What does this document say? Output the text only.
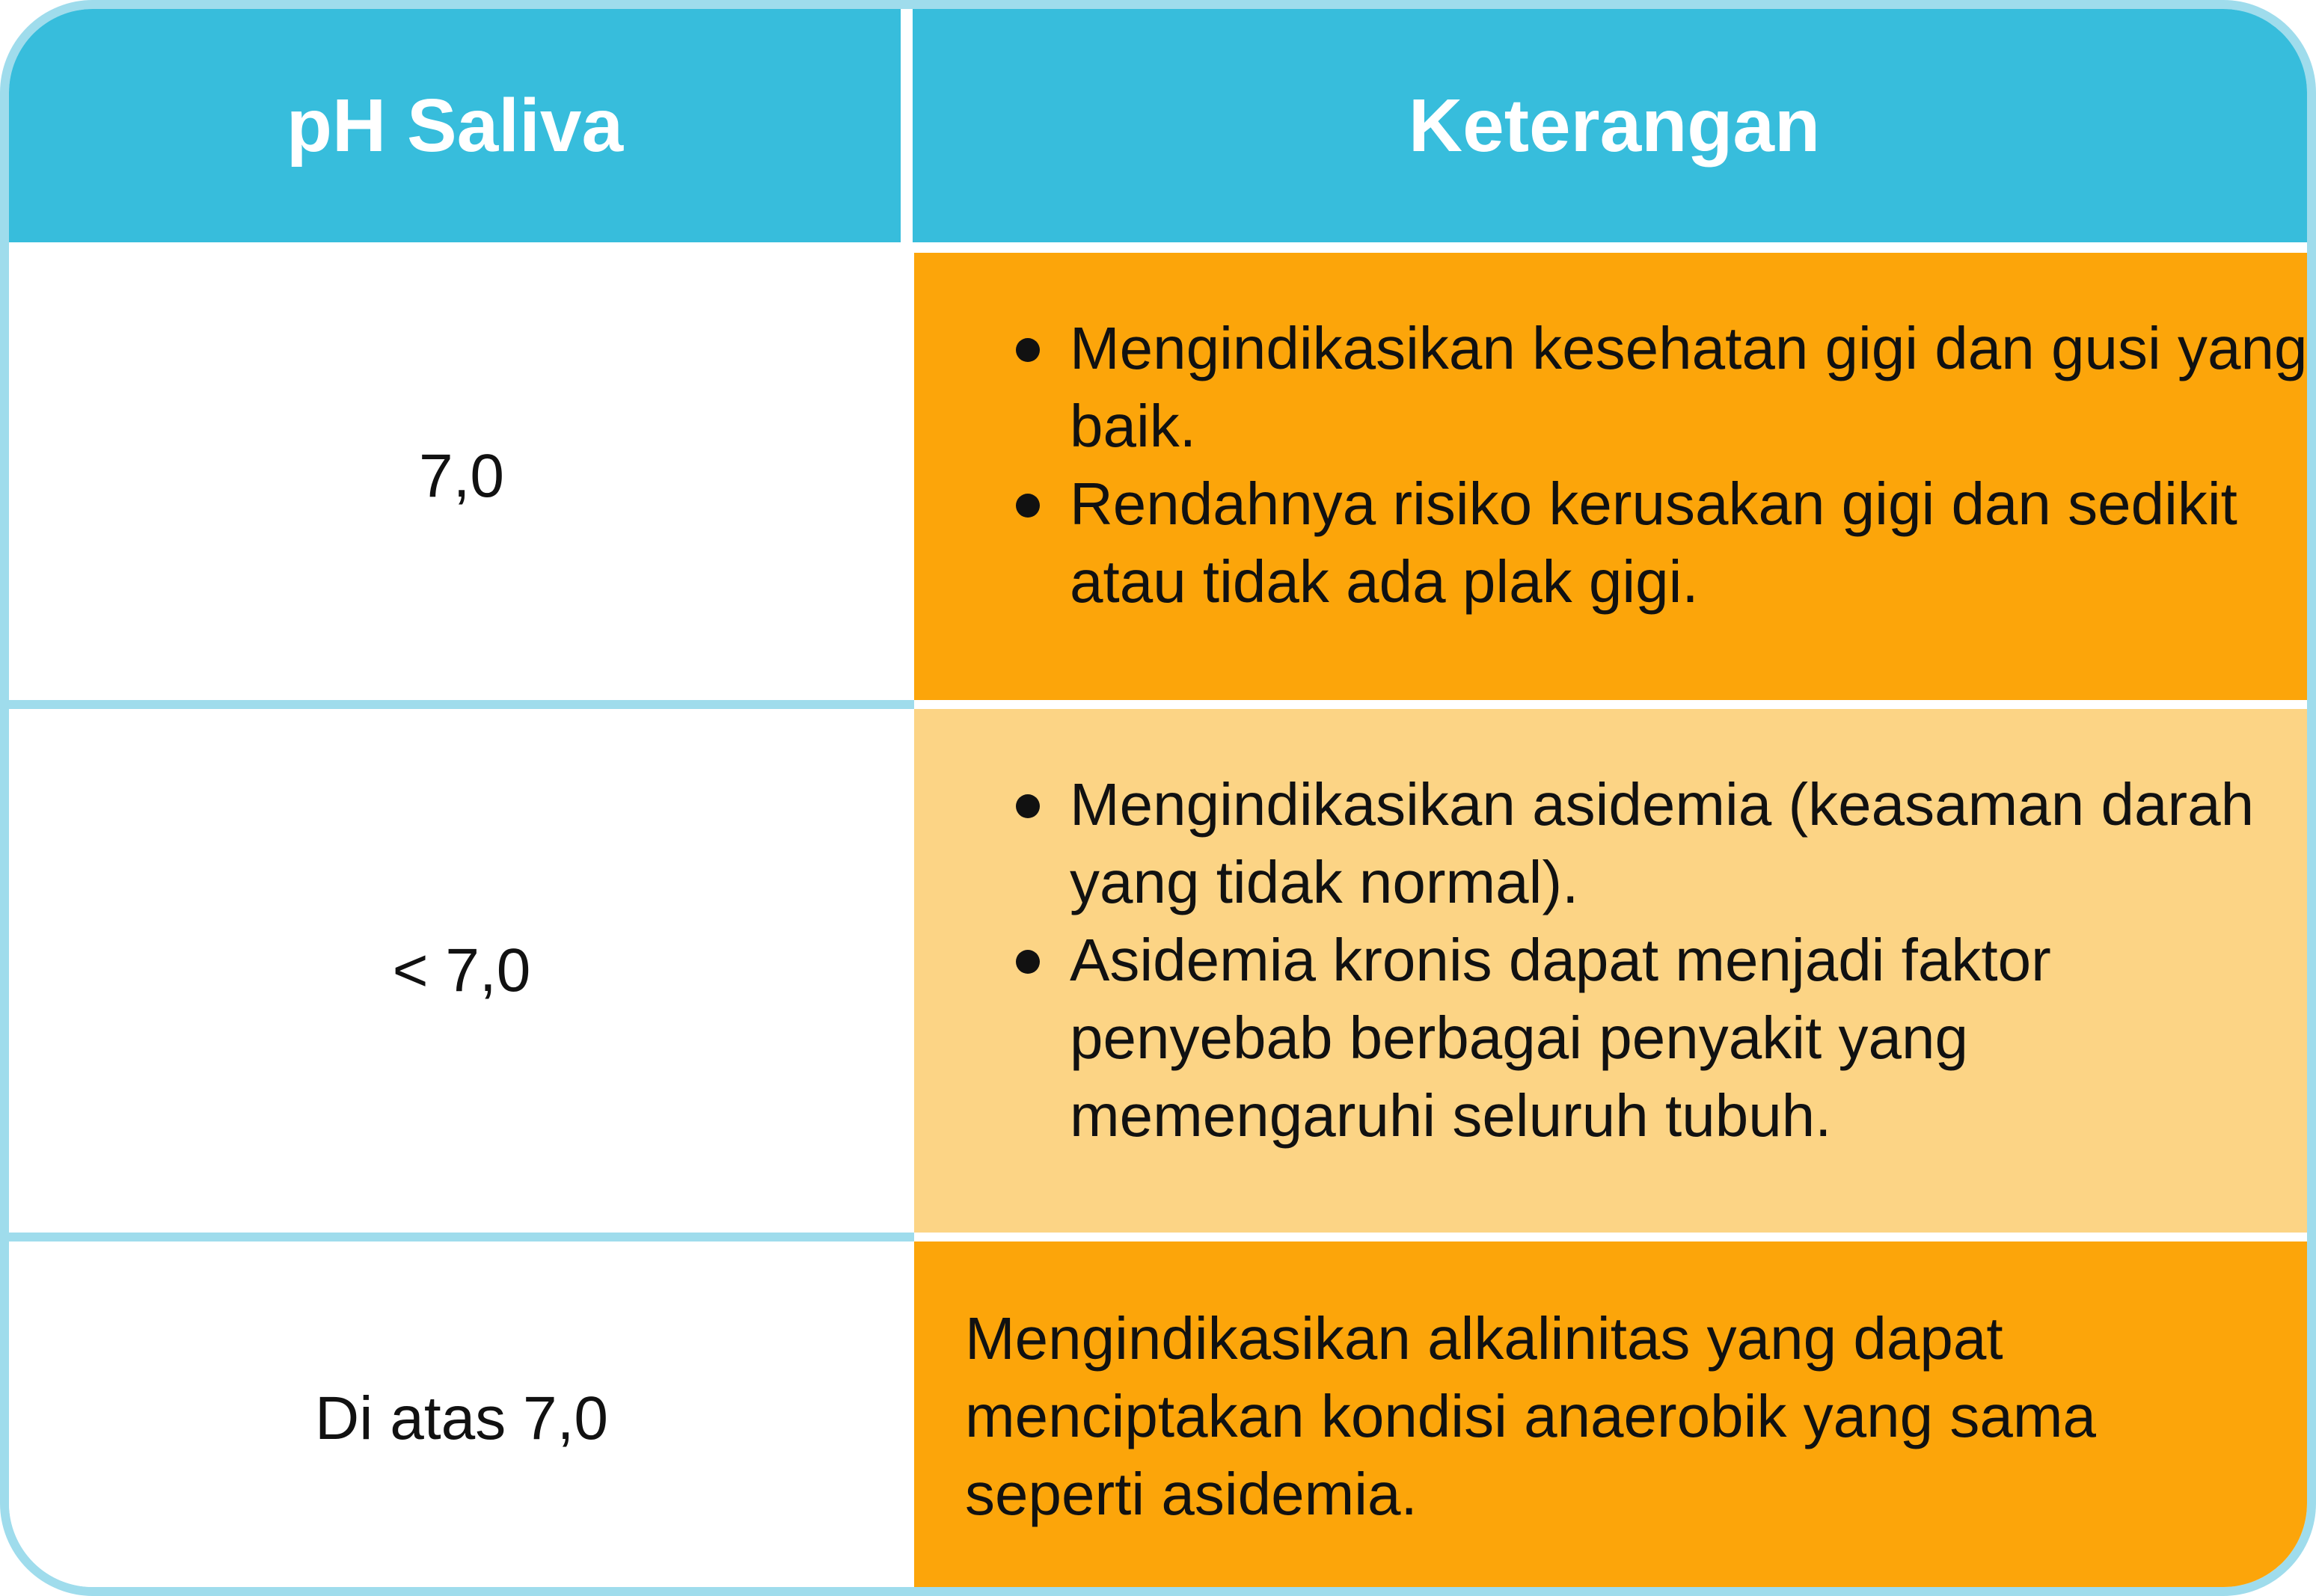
pH Saliva	Keterangan
7,0
Mengindikasikan kesehatan gigi dan gusi yang baik.
Rendahnya risiko kerusakan gigi dan sedikit atau tidak ada plak gigi.
< 7,0
Mengindikasikan asidemia (keasaman darah yang tidak normal).
Asidemia kronis dapat menjadi faktor penyebab berbagai penyakit yang memengaruhi seluruh tubuh.
Di atas 7,0
Mengindikasikan alkalinitas yang dapat menciptakan kondisi anaerobik yang sama seperti asidemia.
